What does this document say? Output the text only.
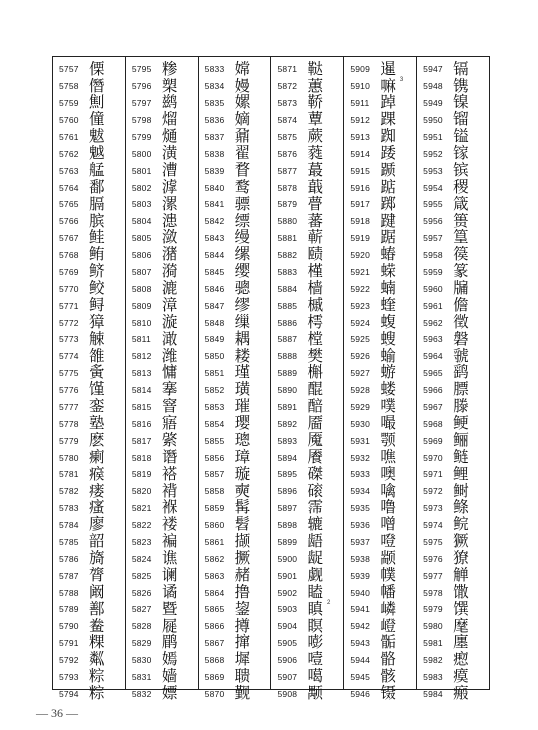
5757 傈
5758 僭
5759 劁
5760 僮
5761 魃
5762 魆
5763 艋
5764 鄱
5765 膈
5766 膑
5767 鲑
5768 鲔
5769 鲚
5770 鲛
5771 鲟
5772 獐
5773 觫
5774 雒
5775 夤
5776 馑
5777 銮
5778 塾
5779 麽
5780 瘌
5781 瘊
5782 瘘
5783 瘙
5784 廖
5785 韶
5786 旖
5787 膂
5788 阚
5789 鄯
5790 鲞
5791 粿
5792 粼
5793 粽
5794 粽
5795 糁
5796 槊
5797 鹚
5798 熘
5799 熥
5800 潢
5801 漕
5802 滹
5803 漯
5804 漶
5805 潋
5806 潴
5807 漪
5808 漉
5809 漳
5810 漩
5811 澉
5812 潍
5813 慵
5814 搴
5815 窨
5816 寤
5817 綮
5818 谮
5819 褡
5820 褙
5821 褓
5822 褛
5823 褊
5824 谯
5825 谰
5826 谲
5827 暨
5828 屣
5829 鹛
5830 嫣
5831 嫱
5832 嫖
5833 嫦
5834 嫚
5835 嫘
5836 嫡
5837 鼐
5838 翟
5839 瞀
5840 鹜
5841 骠
5842 缥
5843 缦
5844 缧
5845 缨
5846 骢
5847 缪
5848 缫
5849 耦
5850 耧
5851 瑾
5852 璜
5853 璀
5854 璎
5855 璁
5856 璋
5857 璇
5858 奭
5859 髯
5860 髫
5861 撷
5862 撅
5863 赭
5864 撸
5865 鋆
5866 撙
5867 撺
5868 墀
5869 聩
5870 觐
5871 鞑
5872 蕙
5873 鞒
5874 蕈
5875 蕨
5876 蕤
5877 蕞
5878 蕺
5879 瞢
5880 蕃
5881 蕲
5882 赜
5883 槿
5884 樯
5885 槭
5886 樗
5887 樘
5888 樊
5889 槲
5890 醌
5891 醅
5892 靥
5893 魇
5894 餍
5895 磔
5896 磙
5897 霈
5898 辘
5899 龉
5900 龊
5901 觑
5902 瞌
5903 瞋 2
5904 瞑
5905 嘭
5906 噎
5907 噶
5908 颙
5909 暹
5910 嘛 3
5911 踔
5912 踝
5913 踟
5914 踒
5915 踬
5916 踮
5917 踯
5918 踺
5919 踞
5920 蝽
5921 蝾
5922 蝻
5923 蝰
5924 蝮
5925 螋
5926 蝓
5927 蝣
5928 蝼
5929 噗
5930 嘬
5931 颚
5932 噍
5933 噢
5934 噙
5935 噜
5936 噌
5937 噔
5938 颛
5939 幞
5940 幡
5941 嶙
5942 嶝
5943 骺
5944 骼
5945 骸
5946 镊
5947 镉
5948 镌
5949 镍
5950 镏
5951 镒
5952 镓
5953 镔
5954 稷
5955 箴
5956 篑
5957 篁
5958 篌
5959 篆
5960 牖
5961 儋
5962 徵
5963 磐
5964 虢
5965 鹞
5966 膘
5967 滕
5968 鲠
5969 鲡
5970 鲢
5971 鲤
5972 鲥
5973 鲦
5974 鲩
5975 獗
5976 獠
5977 觯
5978 馓
5979 馔
5980 麾
5981 廛
5982 瘛
5983 瘼
5984 瘢
— 36 —
